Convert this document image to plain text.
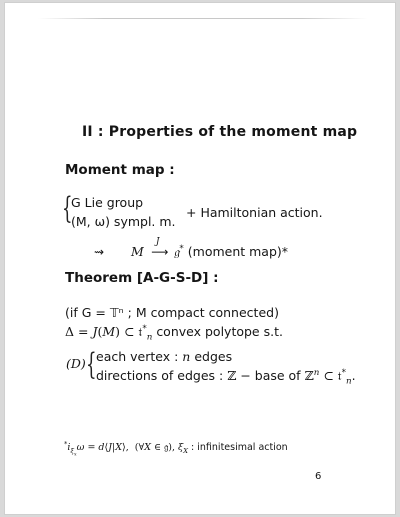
II : Properties of the moment map
Moment map :
{
G Lie group
(M, ω) sympl. m.
+ Hamiltonian action.
⇝ M
J
⟶ 𝔤* (moment map)*
Theorem [A-G-S-D] :
(if G = 𝕋ⁿ ; M compact connected)
Δ = J(M) ⊂ 𝔱*$_n$ convex polytope s.t.
(D) { each vertex : n edges
directions of edges : ℤ − base of ℤ$^n$ ⊂ 𝔱*$_n$.
$^*i_{\xi_x}\omega$ = d⟨J|X⟩,  (∀X ∈ 𝔤), $\xi_X$ : infinitesimal action
6
